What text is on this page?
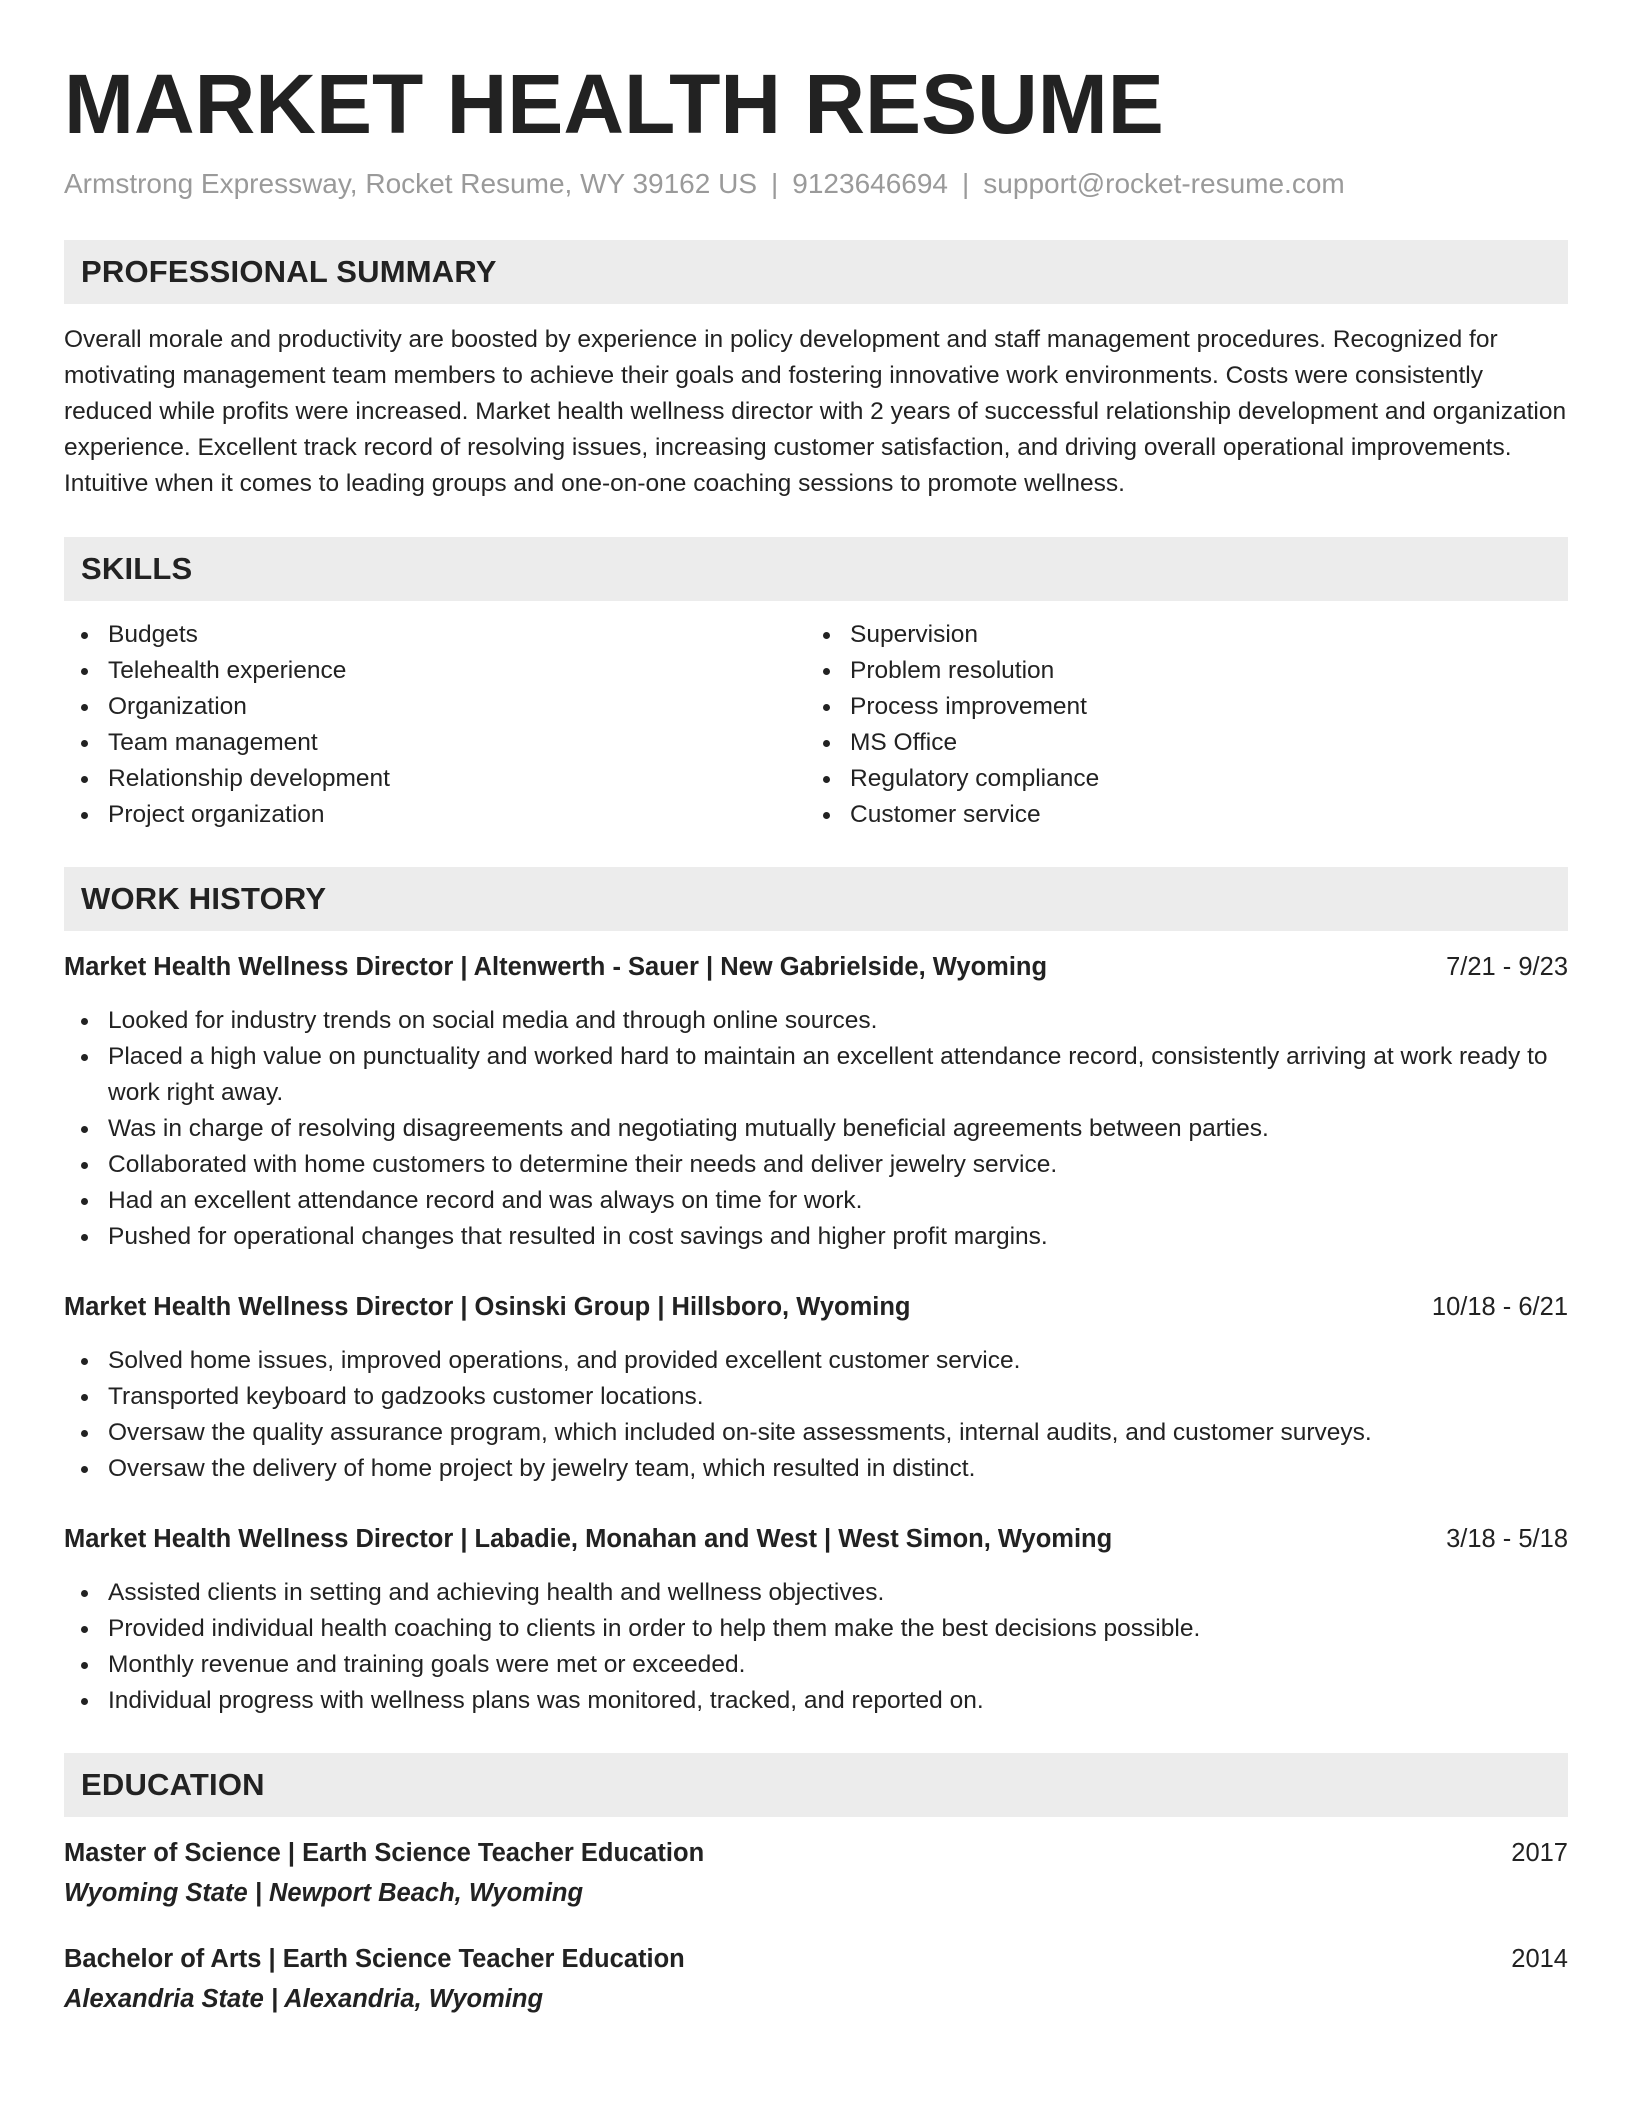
MARKET HEALTH RESUME
Armstrong Expressway, Rocket Resume, WY 39162 US | 9123646694 | support@rocket-resume.com
PROFESSIONAL SUMMARY

Overall morale and productivity are boosted by experience in policy development and staff management procedures. Recognized for motivating management team members to achieve their goals and fostering innovative work environments. Costs were consistently reduced while profits were increased. Market health wellness director with 2 years of successful relationship development and organization experience. Excellent track record of resolving issues, increasing customer satisfaction, and driving overall operational improvements. Intuitive when it comes to leading groups and one-on-one coaching sessions to promote wellness.

SKILLS
Budgets
Telehealth experience
Organization
Team management
Relationship development
Project organization
Supervision
Problem resolution
Process improvement
MS Office
Regulatory compliance
Customer service
WORK HISTORY
Market Health Wellness Director | Altenwerth - Sauer | New Gabrielside, Wyoming	7/21 - 9/23
Looked for industry trends on social media and through online sources.
Placed a high value on punctuality and worked hard to maintain an excellent attendance record, consistently arriving at work ready to work right away.
Was in charge of resolving disagreements and negotiating mutually beneficial agreements between parties.
Collaborated with home customers to determine their needs and deliver jewelry service.
Had an excellent attendance record and was always on time for work.
Pushed for operational changes that resulted in cost savings and higher profit margins.
Market Health Wellness Director | Osinski Group | Hillsboro, Wyoming	10/18 - 6/21
Solved home issues, improved operations, and provided excellent customer service.
Transported keyboard to gadzooks customer locations.
Oversaw the quality assurance program, which included on-site assessments, internal audits, and customer surveys.
Oversaw the delivery of home project by jewelry team, which resulted in distinct.
Market Health Wellness Director | Labadie, Monahan and West | West Simon, Wyoming	3/18 - 5/18
Assisted clients in setting and achieving health and wellness objectives.
Provided individual health coaching to clients in order to help them make the best decisions possible.
Monthly revenue and training goals were met or exceeded.
Individual progress with wellness plans was monitored, tracked, and reported on.
EDUCATION
Master of Science | Earth Science Teacher Education	2017
Wyoming State | Newport Beach, Wyoming
Bachelor of Arts | Earth Science Teacher Education	2014
Alexandria State | Alexandria, Wyoming
